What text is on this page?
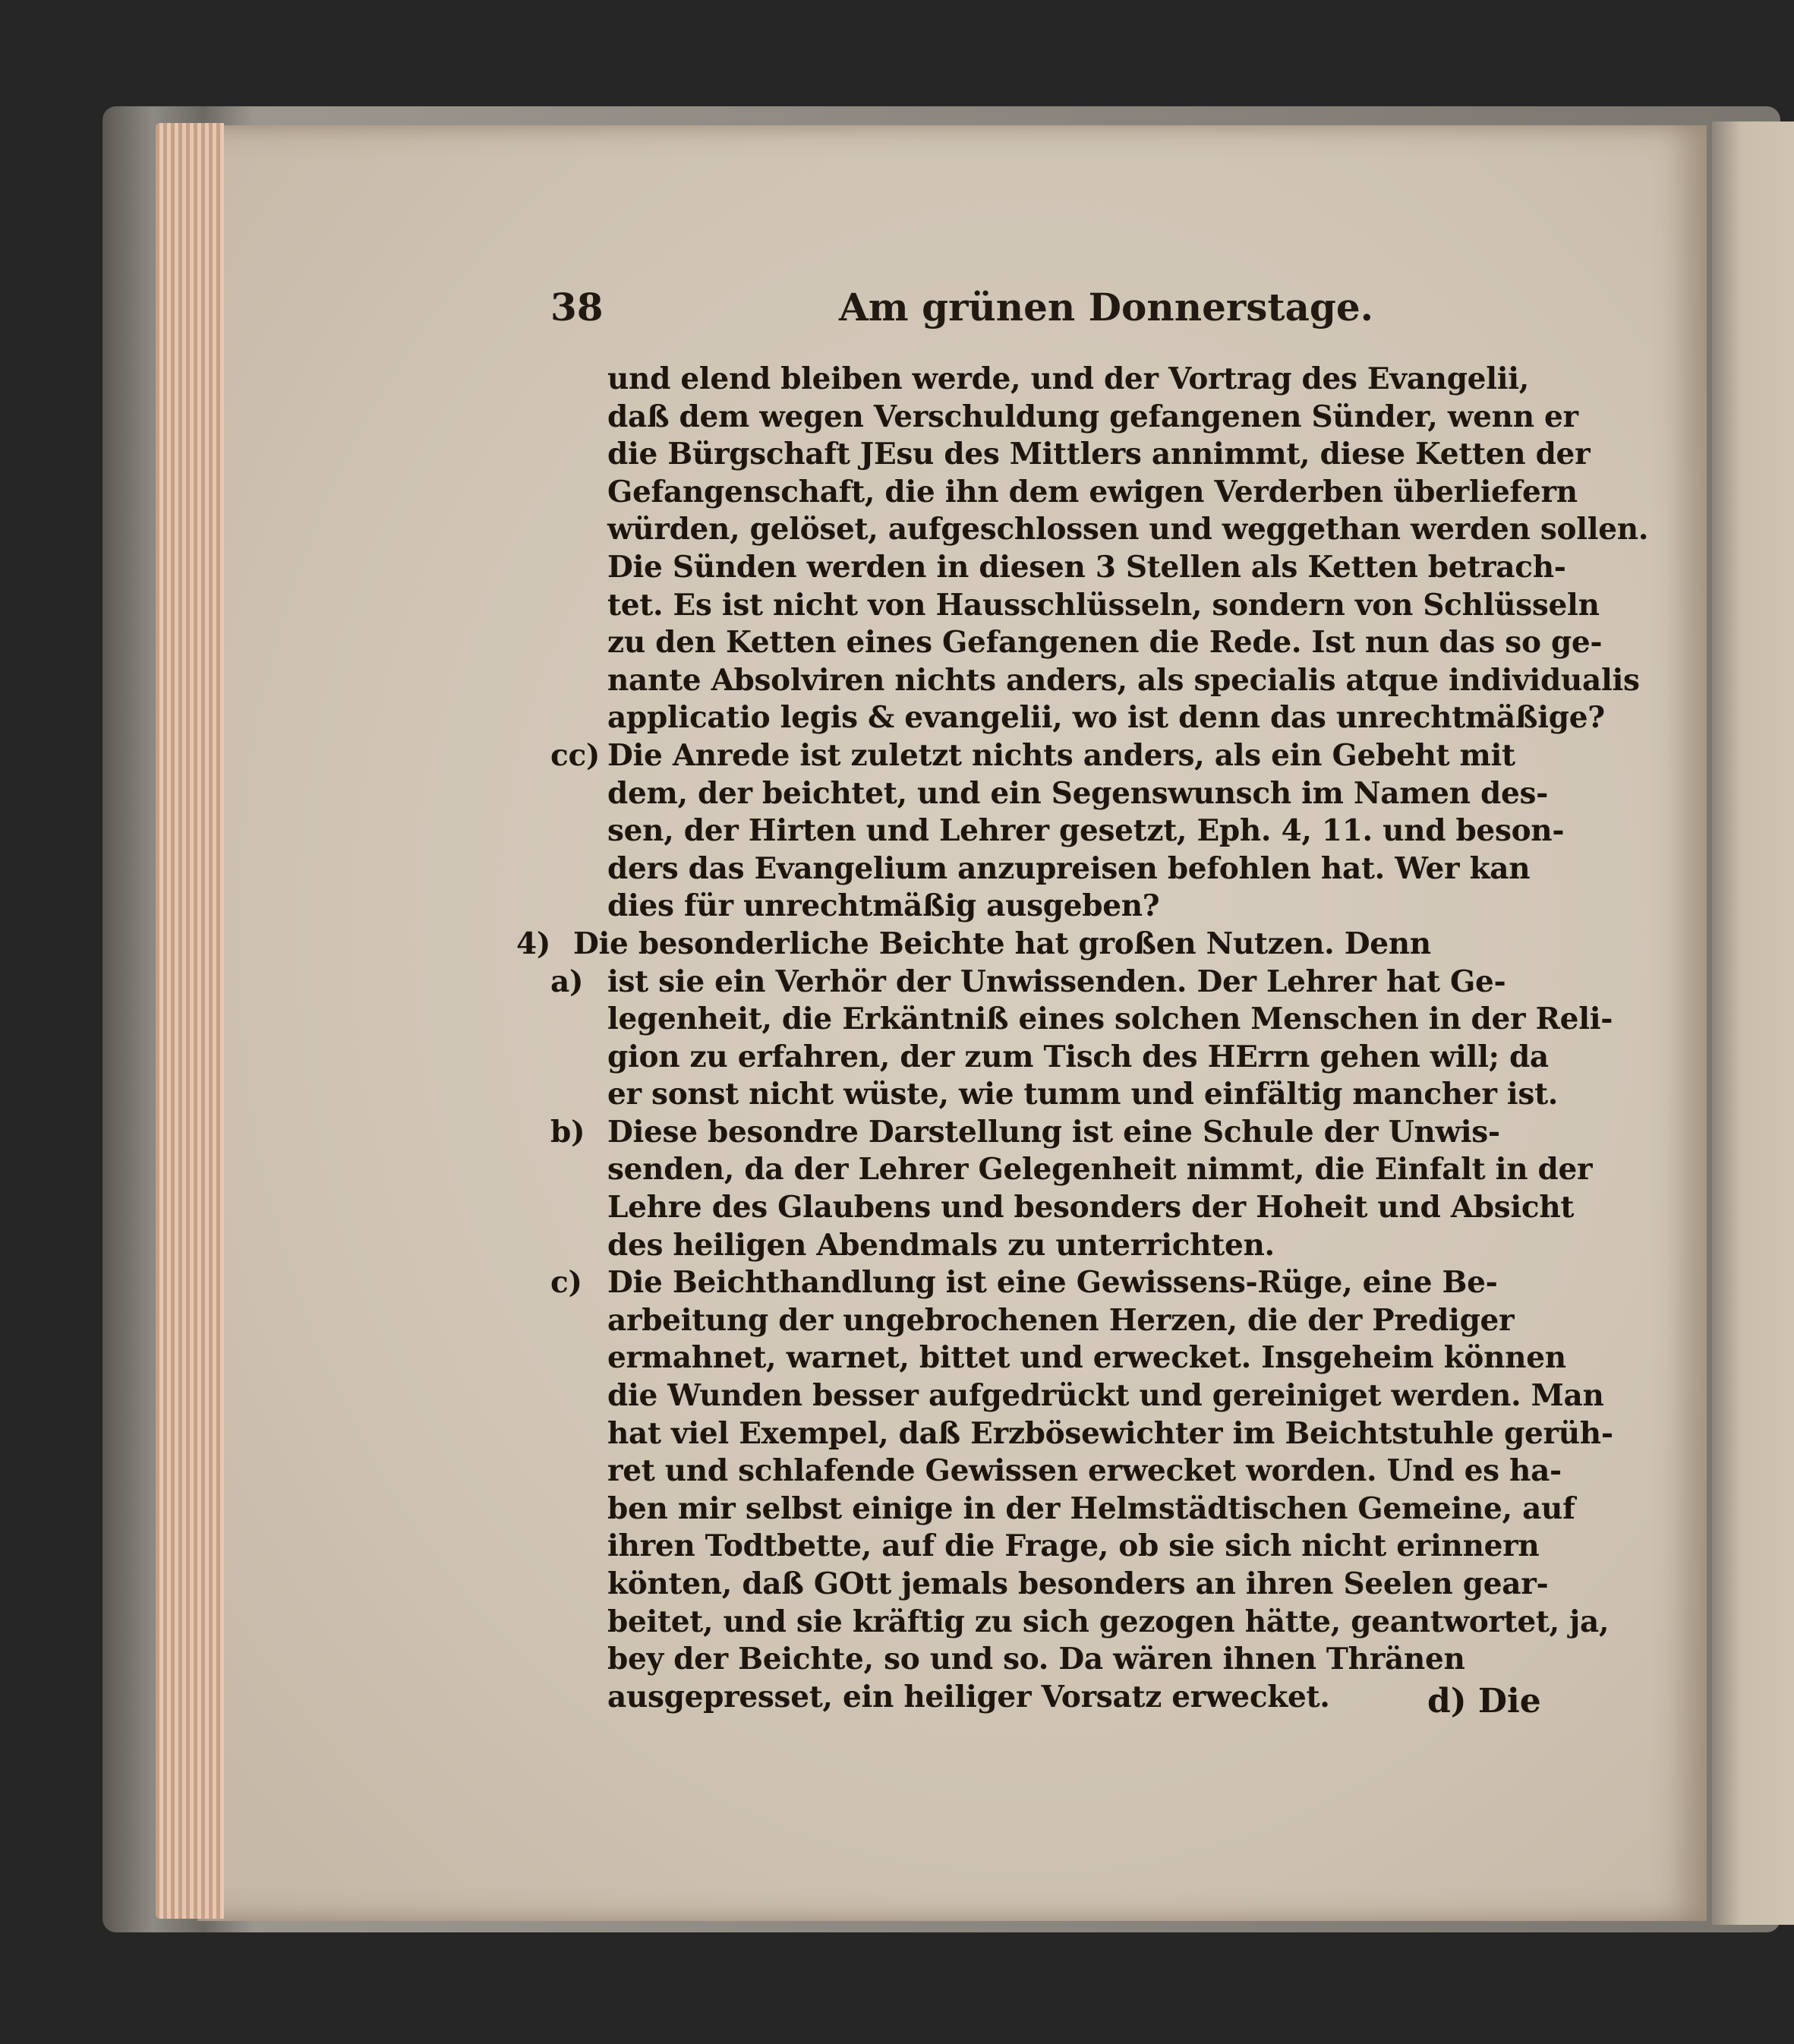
38	Am grünen Donnerstage.
und elend bleiben werde, und der Vortrag des Evangelii,
daß dem wegen Verschuldung gefangenen Sünder, wenn er
die Bürgschaft JEsu des Mittlers annimmt, diese Ketten der
Gefangenschaft, die ihn dem ewigen Verderben überliefern
würden, gelöset, aufgeschlossen und weggethan werden sollen.
Die Sünden werden in diesen 3 Stellen als Ketten betrach-
tet. Es ist nicht von Hausschlüsseln, sondern von Schlüsseln
zu den Ketten eines Gefangenen die Rede. Ist nun das so ge-
nante Absolviren nichts anders, als specialis atque individualis
applicatio legis & evangelii, wo ist denn das unrechtmäßige?
cc) Die Anrede ist zuletzt nichts anders, als ein Gebeht mit
dem, der beichtet, und ein Segenswunsch im Namen des-
sen, der Hirten und Lehrer gesetzt, Eph. 4, 11. und beson-
ders das Evangelium anzupreisen befohlen hat. Wer kan
dies für unrechtmäßig ausgeben?
4) Die besonderliche Beichte hat großen Nutzen. Denn
a) ist sie ein Verhör der Unwissenden. Der Lehrer hat Ge-
legenheit, die Erkäntniß eines solchen Menschen in der Reli-
gion zu erfahren, der zum Tisch des HErrn gehen will; da
er sonst nicht wüste, wie tumm und einfältig mancher ist.
b) Diese besondre Darstellung ist eine Schule der Unwis-
senden, da der Lehrer Gelegenheit nimmt, die Einfalt in der
Lehre des Glaubens und besonders der Hoheit und Absicht
des heiligen Abendmals zu unterrichten.
c) Die Beichthandlung ist eine Gewissens-Rüge, eine Be-
arbeitung der ungebrochenen Herzen, die der Prediger
ermahnet, warnet, bittet und erwecket. Insgeheim können
die Wunden besser aufgedrückt und gereiniget werden. Man
hat viel Exempel, daß Erzbösewichter im Beichtstuhle gerüh-
ret und schlafende Gewissen erwecket worden. Und es ha-
ben mir selbst einige in der Helmstädtischen Gemeine, auf
ihren Todtbette, auf die Frage, ob sie sich nicht erinnern
könten, daß GOtt jemals besonders an ihren Seelen gear-
beitet, und sie kräftig zu sich gezogen hätte, geantwortet, ja,
bey der Beichte, so und so. Da wären ihnen Thränen
ausgepresset, ein heiliger Vorsatz erwecket.	d) Die
